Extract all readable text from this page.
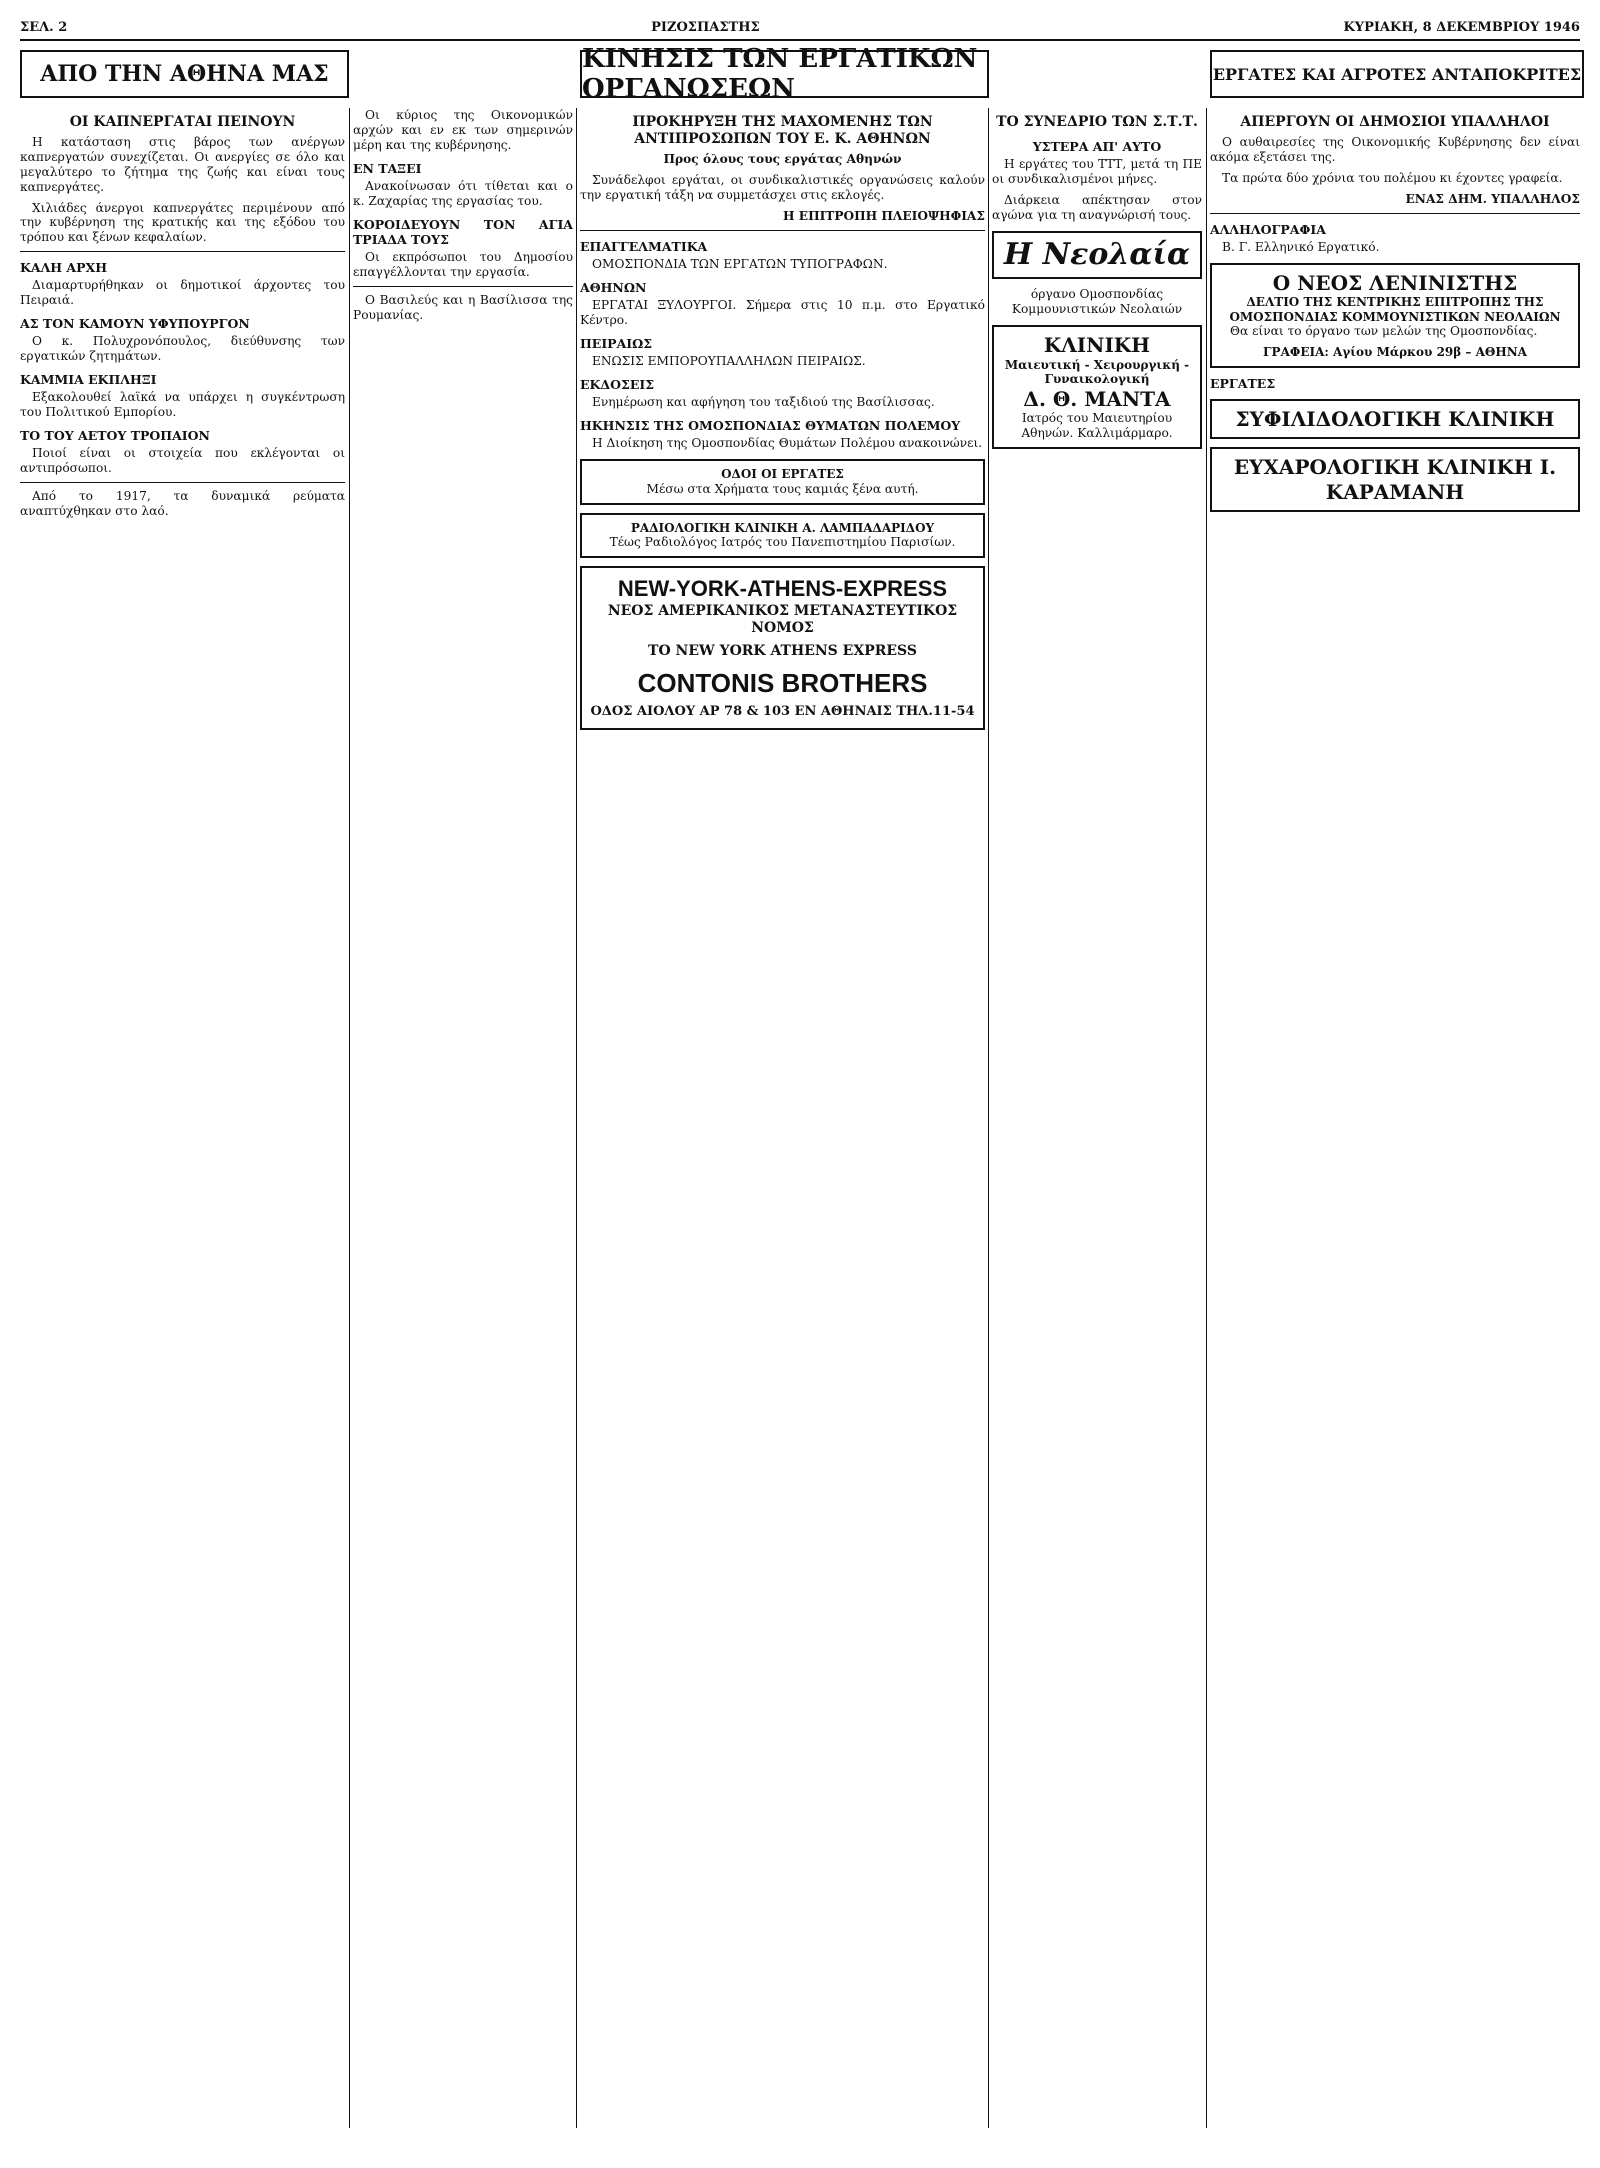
ΣΕΛ. 2	ΡΙΖΟΣΠΑΣΤΗΣ	ΚΥΡΙΑΚΗ, 8 ΔΕΚΕΜΒΡΙΟΥ 1946
ΑΠΟ ΤΗΝ ΑΘΗΝΑ ΜΑΣ	ΚΙΝΗΣΙΣ ΤΩΝ ΕΡΓΑΤΙΚΩΝ ΟΡΓΑΝΩΣΕΩΝ	ΕΡΓΑΤΕΣ ΚΑΙ ΑΓΡΟΤΕΣ ΑΝΤΑΠΟΚΡΙΤΕΣ
ΟΙ ΚΑΠΝΕΡΓΑΤΑΙ ΠΕΙΝΟΥΝ

Η κατάσταση στις βάρος των ανέργων καπνεργατών συνεχίζεται. Οι ανεργίες σε όλο και μεγαλύτερο το ζήτημα της ζωής και είναι τους καπνεργάτες.

Χιλιάδες άνεργοι καπνεργάτες περιμένουν από την κυβέρνηση της κρατικής και της εξόδου του τρόπου και ξένων κεφαλαίων.

ΚΑΛΗ ΑΡΧΗ

Διαμαρτυρήθηκαν οι δημοτικοί άρχοντες του Πειραιά.

ΑΣ ΤΟΝ ΚΑΜΟΥΝ ΥΦΥΠΟΥΡΓΟΝ

Ο κ. Πολυχρονόπουλος, διεύθυνσης των εργατικών ζητημάτων.

ΚΑΜΜΙΑ ΕΚΠΛΗΞΙ

Εξακολουθεί λαϊκά να υπάρχει η συγκέντρωση του Πολιτικού Εμπορίου.

ΤΟ ΤΟΥ ΑΕΤΟΥ ΤΡΟΠΑΙΟΝ

Ποιοί είναι οι στοιχεία που εκλέγονται οι αντιπρόσωποι.

Από το 1917, τα δυναμικά ρεύματα αναπτύχθηκαν στο λαό.

Οι κύριος της Οικονομικών αρχών και εν εκ των σημερινών μέρη και της κυβέρνησης.

ΕΝ ΤΑΞΕΙ

Ανακοίνωσαν ότι τίθεται και ο κ. Ζαχαρίας της εργασίας του.

ΚΟΡΟΙΔΕΥΟΥΝ ΤΟΝ ΑΓΙΑ ΤΡΙΑΔΑ ΤΟΥΣ

Οι εκπρόσωποι του Δημοσίου επαγγέλλονται την εργασία.

Ο Βασιλεύς και η Βασίλισσα της Ρουμανίας.

ΠΡΟΚΗΡΥΞΗ ΤΗΣ ΜΑΧΟΜΕΝΗΣ ΤΩΝ ΑΝΤΙΠΡΟΣΩΠΩΝ ΤΟΥ Ε. Κ. ΑΘΗΝΩΝ

Προς όλους τους εργάτας Αθηνών

Συνάδελφοι εργάται, οι συνδικαλιστικές οργανώσεις καλούν την εργατική τάξη να συμμετάσχει στις εκλογές.

Η ΕΠΙΤΡΟΠΗ ΠΛΕΙΟΨΗΦΙΑΣ

ΕΠΑΓΓΕΛΜΑΤΙΚΑ

ΟΜΟΣΠΟΝΔΙΑ ΤΩΝ ΕΡΓΑΤΩΝ ΤΥΠΟΓΡΑΦΩΝ.

ΑΘΗΝΩΝ

ΕΡΓΑΤΑΙ ΞΥΛΟΥΡΓΟΙ. Σήμερα στις 10 π.μ. στο Εργατικό Κέντρο.

ΠΕΙΡΑΙΩΣ

ΕΝΩΣΙΣ ΕΜΠΟΡΟΥΠΑΛΛΗΛΩΝ ΠΕΙΡΑΙΩΣ.

ΕΚΔΟΣΕΙΣ

Ενημέρωση και αφήγηση του ταξιδιού της Βασίλισσας.

ΗΚΗΝΣΙΣ ΤΗΣ ΟΜΟΣΠΟΝΔΙΑΣ ΘΥΜΑΤΩΝ ΠΟΛΕΜΟΥ

Η Διοίκηση της Ομοσπονδίας Θυμάτων Πολέμου ανακοινώνει.

ΟΔΟΙ ΟΙ ΕΡΓΑΤΕΣ
Μέσω στα Χρήματα τους καμιάς ξένα αυτή.
ΡΑΔΙΟΛΟΓΙΚΗ ΚΛΙΝΙΚΗ Α. ΛΑΜΠΑΔΑΡΙΔΟΥ
Τέως Ραδιολόγος Ιατρός του Πανεπιστημίου Παρισίων.
NEW-YORK-ATHENS-EXPRESS
ΝΕΟΣ ΑΜΕΡΙΚΑΝΙΚΟΣ ΜΕΤΑΝΑΣΤΕΥΤΙΚΟΣ ΝΟΜΟΣ
TO NEW YORK ATHENS EXPRESS
CONTONIS BROTHERS
ΟΔΟΣ ΑΙΟΛΟΥ ΑΡ 78 & 103 ΕΝ ΑΘΗΝΑΙΣ ΤΗΛ.11-54
ΤΟ ΣΥΝΕΔΡΙΟ ΤΩΝ Σ.Τ.Τ.
ΥΣΤΕΡΑ ΑΠ' ΑΥΤΟ

Η εργάτες του ΤΤΤ, μετά τη ΠΕ οι συνδικαλισμένοι μήνες.

Διάρκεια απέκτησαν στον αγώνα για τη αναγνώρισή τους.

Η Νεολαία

όργανο Ομοσπονδίας Κομμουνιστικών Νεολαιών

ΚΛΙΝΙΚΗ
Μαιευτική - Χειρουργική - Γυναικολογική
Δ. Θ. ΜΑΝΤΑ
Ιατρός του Μαιευτηρίου Αθηνών. Καλλιμάρμαρο.
ΑΠΕΡΓΟΥΝ ΟΙ ΔΗΜΟΣΙΟΙ ΥΠΑΛΛΗΛΟΙ

Ο αυθαιρεσίες της Οικονομικής Κυβέρνησης δεν είναι ακόμα εξετάσει της.

Τα πρώτα δύο χρόνια του πολέμου κι έχοντες γραφεία.

ΕΝΑΣ ΔΗΜ. ΥΠΑΛΛΗΛΟΣ

ΑΛΛΗΛΟΓΡΑΦΙΑ

Β. Γ. Ελληνικό Εργατικό.

Ο ΝΕΟΣ ΛΕΝΙΝΙΣΤΗΣ
ΔΕΛΤΙΟ ΤΗΣ ΚΕΝΤΡΙΚΗΣ ΕΠΙΤΡΟΠΗΣ ΤΗΣ ΟΜΟΣΠΟΝΔΙΑΣ ΚΟΜΜΟΥΝΙΣΤΙΚΩΝ ΝΕΟΛΑΙΩΝ

Θα είναι το όργανο των μελών της Ομοσπονδίας.

ΓΡΑΦΕΙΑ: Αγίου Μάρκου 29β – ΑΘΗΝΑ
ΕΡΓΑΤΕΣ
ΣΥΦΙΛΙΔΟΛΟΓΙΚΗ ΚΛΙΝΙΚΗ
ΕΥΧΑΡΟΛΟΓΙΚΗ ΚΛΙΝΙΚΗ Ι. ΚΑΡΑΜΑΝΗ
